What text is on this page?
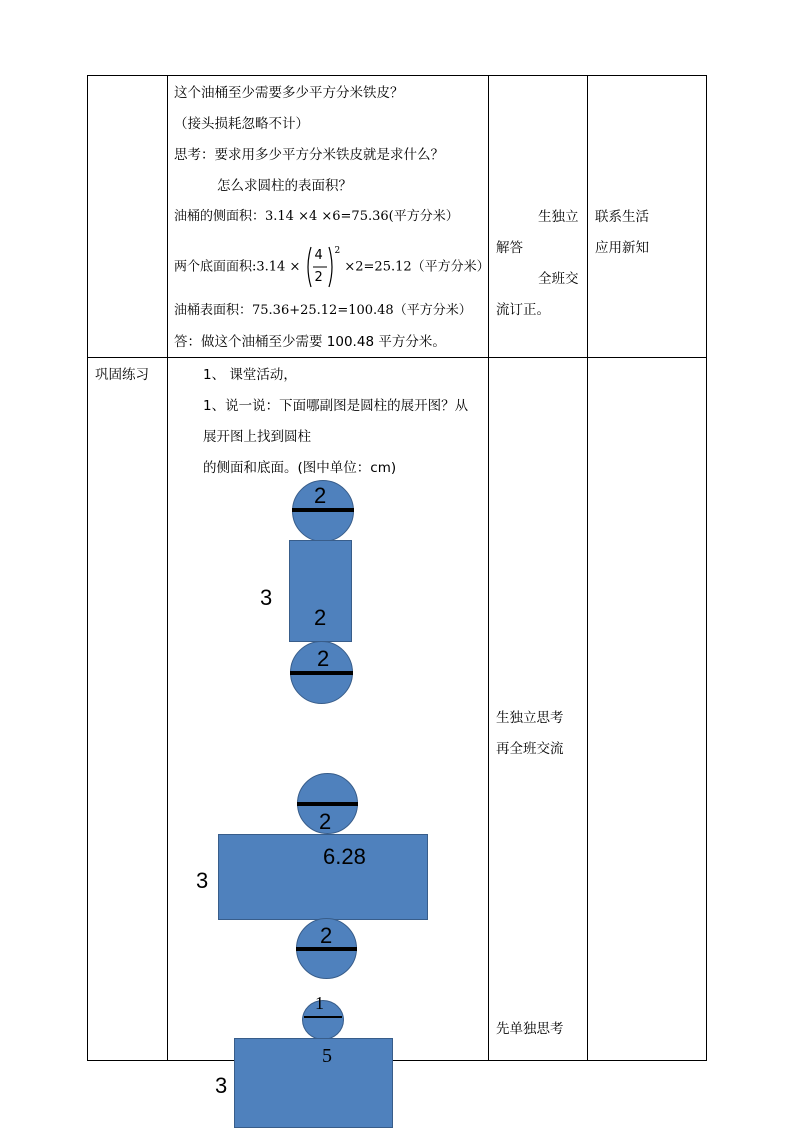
这个油桶至少需要多少平方分米铁皮？
（接头损耗忽略不计）
思考：要求用多少平方分米铁皮就是求什么？
怎么求圆柱的表面积？
油桶的侧面积：3.14 ×4 ×6=75.36(平方分米）
两个底面面积:3.14 ×
4
2
$^2$ ×2=25.12（平方分米）
油桶表面积：75.36+25.12=100.48（平方分米）
答：做这个油桶至少需要 100.48 平方分米。
生独立
解答
全班交
流订正。
联系生活
应用新知
巩固练习	1、 课堂活动，
1、说一说：下面哪副图是圆柱的展开图？从
展开图上找到圆柱
的侧面和底面。(图中单位：cm)
生独立思考
再全班交流
先单独思考
2
2
3
2
2
6.28
3
2
1
5
3
